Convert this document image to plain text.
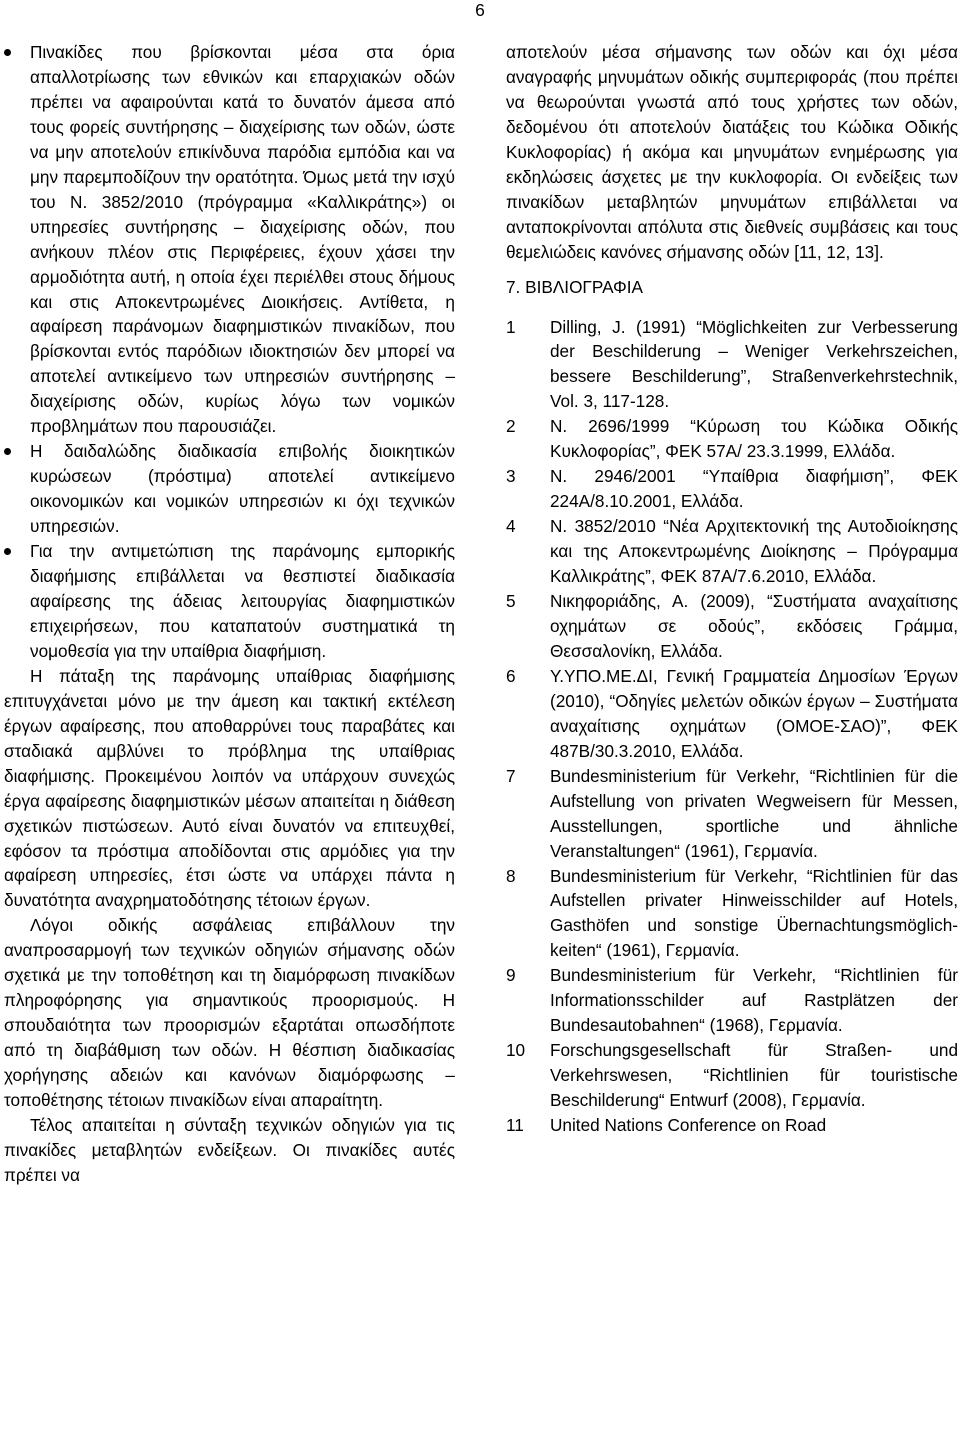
6
Πινακίδες που βρίσκονται μέσα στα όρια απαλλοτρίωσης των εθνικών και επαρχιακών οδών πρέπει να αφαιρούνται κατά το δυνατόν άμεσα από τους φορείς συντήρησης – διαχείρισης των οδών, ώστε να μην αποτελούν επικίνδυνα παρόδια εμπόδια και να μην παρεμποδίζουν την ορατότητα. Όμως μετά την ισχύ του Ν. 3852/2010 (πρόγραμμα «Καλλικράτης») οι υπηρεσίες συντήρησης – διαχείρισης οδών, που ανήκουν πλέον στις Περιφέρειες, έχουν χάσει την αρμοδιότητα αυτή, η οποία έχει περιέλθει στους δήμους και στις Αποκεντρωμένες Διοικήσεις. Αντίθετα, η αφαίρεση παράνομων διαφημιστικών πινακίδων, που βρίσκονται εντός παρόδιων ιδιοκτησιών δεν μπορεί να αποτελεί αντικείμενο των υπηρεσιών συντήρησης – διαχείρισης οδών, κυρίως λόγω των νομικών προβλημάτων που παρουσιάζει.
Η δαιδαλώδης διαδικασία επιβολής διοικητικών κυρώσεων (πρόστιμα) αποτελεί αντικείμενο οικονομικών και νομικών υπηρεσιών κι όχι τεχνικών υπηρεσιών.
Για την αντιμετώπιση της παράνομης εμπορικής διαφήμισης επιβάλλεται να θεσπιστεί διαδικασία αφαίρεσης της άδειας λειτουργίας διαφημιστικών επιχειρήσεων, που καταπατούν συστηματικά τη νομοθεσία για την υπαίθρια διαφήμιση.

Η πάταξη της παράνομης υπαίθριας διαφήμισης επιτυγχάνεται μόνο με την άμεση και τακτική εκτέλεση έργων αφαίρεσης, που αποθαρρύνει τους παραβάτες και σταδιακά αμβλύνει το πρόβλημα της υπαίθριας διαφήμισης. Προκειμένου λοιπόν να υπάρχουν συνεχώς έργα αφαίρεσης διαφημιστικών μέσων απαιτείται η διάθεση σχετικών πιστώσεων. Αυτό είναι δυνατόν να επιτευχθεί, εφόσον τα πρόστιμα αποδίδονται στις αρμόδιες για την αφαίρεση υπηρεσίες, έτσι ώστε να υπάρχει πάντα η δυνατότητα αναχρηματοδότησης τέτοιων έργων.

Λόγοι οδικής ασφάλειας επιβάλλουν την αναπροσαρμογή των τεχνικών οδηγιών σήμανσης οδών σχετικά με την τοποθέτηση και τη διαμόρφωση πινακίδων πληροφόρησης για σημαντικούς προορισμούς. Η σπουδαιότητα των προορισμών εξαρτάται οπωσδήποτε από τη διαβάθμιση των οδών. Η θέσπιση διαδικασίας χορήγησης αδειών και κανόνων διαμόρφωσης – τοποθέτησης τέτοιων πινακίδων είναι απαραίτητη.

Τέλος απαιτείται η σύνταξη τεχνικών οδηγιών για τις πινακίδες μεταβλητών ενδείξεων. Οι πινακίδες αυτές πρέπει να

αποτελούν μέσα σήμανσης των οδών και όχι μέσα αναγραφής μηνυμάτων οδικής συμπεριφοράς (που πρέπει να θεωρούνται γνωστά από τους χρήστες των οδών, δεδομένου ότι αποτελούν διατάξεις του Κώδικα Οδικής Κυκλοφορίας) ή ακόμα και μηνυμάτων ενημέρωσης για εκδηλώσεις άσχετες με την κυκλοφορία. Οι ενδείξεις των πινακίδων μεταβλητών μηνυμάτων επιβάλλεται να ανταποκρίνονται απόλυτα στις διεθνείς συμβάσεις και τους θεμελιώδεις κανόνες σήμανσης οδών [11, 12, 13].

7. ΒΙΒΛΙΟΓΡΑΦΙΑ

1	Dilling, J. (1991) “Möglichkeiten zur Verbesserung der Beschilderung – Weniger Verkehrszeichen, bessere Beschilderung”, Straßenverkehrstechnik, Vol. 3, 117-128.
2	Ν. 2696/1999 “Κύρωση του Κώδικα Οδικής Κυκλοφορίας”, ΦΕΚ 57Α/ 23.3.1999, Ελλάδα.
3	Ν. 2946/2001 “Υπαίθρια διαφήμιση”, ΦΕΚ 224Α/8.10.2001, Ελλάδα.
4	Ν. 3852/2010 “Νέα Αρχιτεκτονική της Αυτοδιοίκησης και της Αποκεντρωμένης Διοίκησης – Πρόγραμμα Καλλικράτης”, ΦΕΚ 87Α/7.6.2010, Ελλάδα.
5	Νικηφοριάδης, Α. (2009), “Συστήματα αναχαίτισης οχημάτων σε οδούς”, εκδόσεις Γράμμα, Θεσσαλονίκη, Ελλάδα.
6	Υ.ΥΠΟ.ΜΕ.ΔΙ, Γενική Γραμματεία Δημοσίων Έργων (2010), “Οδηγίες μελετών οδικών έργων – Συστήματα αναχαίτισης οχημάτων (ΟΜΟΕ-ΣΑΟ)”, ΦΕΚ 487Β/30.3.2010, Ελλάδα.
7	Bundesministerium für Verkehr, “Richtlinien für die Aufstellung von privaten Wegweisern für Messen, Ausstellungen, sportliche und ähnliche Veranstaltungen“ (1961), Γερμανία.
8	Bundesministerium für Verkehr, “Richtlinien für das Aufstellen privater Hinweisschilder auf Hotels, Gasthöfen und sonstige Übernachtungsmöglich-keiten“ (1961), Γερμανία.
9	Bundesministerium für Verkehr, “Richtlinien für Informationsschilder auf Rastplätzen der Bundesautobahnen“ (1968), Γερμανία.
10	Forschungsgesellschaft für Straßen- und Verkehrswesen, “Richtlinien für touristische Beschilderung“ Entwurf (2008), Γερμανία.
11	United Nations Conference on Road
